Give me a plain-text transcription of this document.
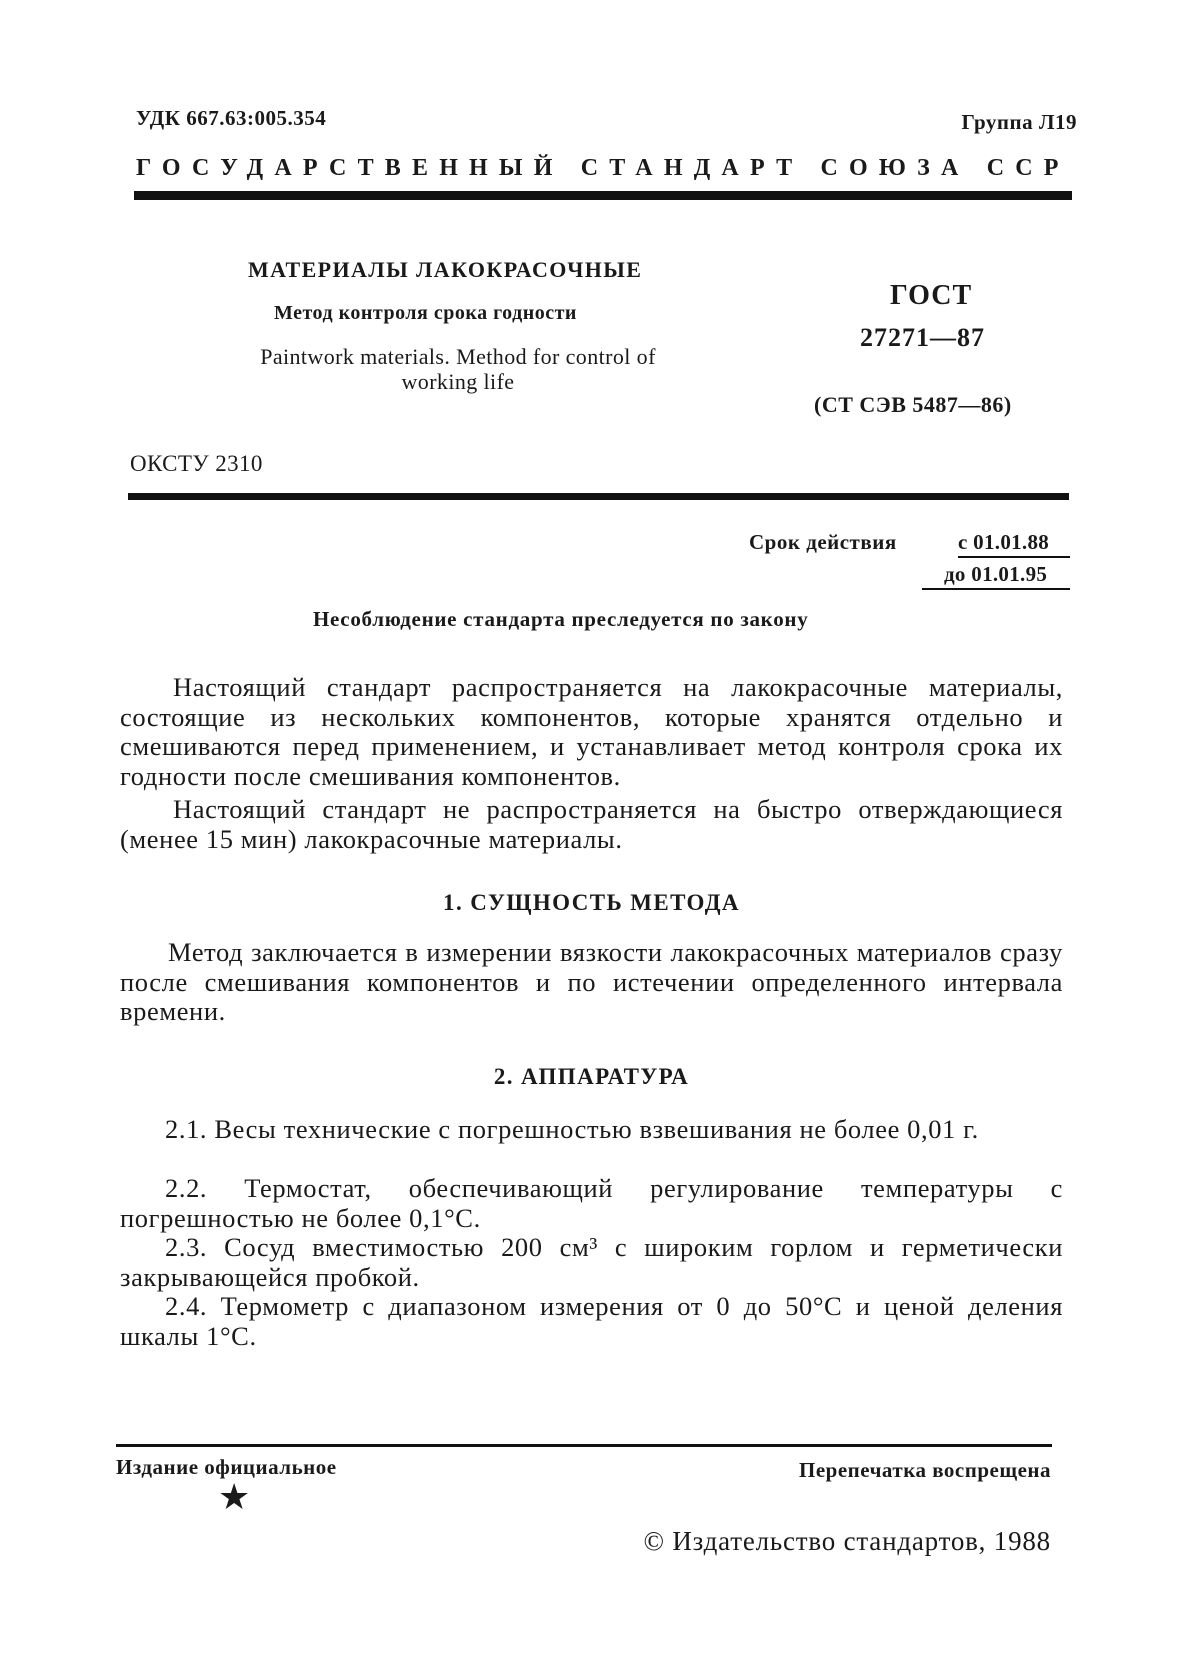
УДК 667.63:005.354	Группа Л19
ГОСУДАРСТВЕННЫЙ СТАНДАРТ СОЮЗА ССР
МАТЕРИАЛЫ ЛАКОКРАСОЧНЫЕ
Метод контроля срока годности
Paintwork materials. Method for control of working life
ГОСТ
27271—87
(СТ СЭВ 5487—86)
ОКСТУ 2310
Срок действия	с 01.01.88
до 01.01.95
Несоблюдение стандарта преследуется по закону
Настоящий стандарт распространяется на лакокрасочные материалы, состоящие из нескольких компонентов, которые хранятся отдельно и смешиваются перед применением, и устанавливает метод контроля срока их годности после смешивания компонентов.
Настоящий стандарт не распространяется на быстро отверждающиеся (менее 15 мин) лакокрасочные материалы.
1. СУЩНОСТЬ МЕТОДА
Метод заключается в измерении вязкости лакокрасочных материалов сразу после смешивания компонентов и по истечении определенного интервала времени.
2. АППАРАТУРА
2.1. Весы технические с погрешностью взвешивания не более 0,01 г.
2.2. Термостат, обеспечивающий регулирование температуры с погрешностью не более 0,1°С.
2.3. Сосуд вместимостью 200 см³ с широким горлом и герметически закрывающейся пробкой.
2.4. Термометр с диапазоном измерения от 0 до 50°С и ценой деления шкалы 1°С.
Издание официальное
★
Перепечатка воспрещена
© Издательство стандартов, 1988
